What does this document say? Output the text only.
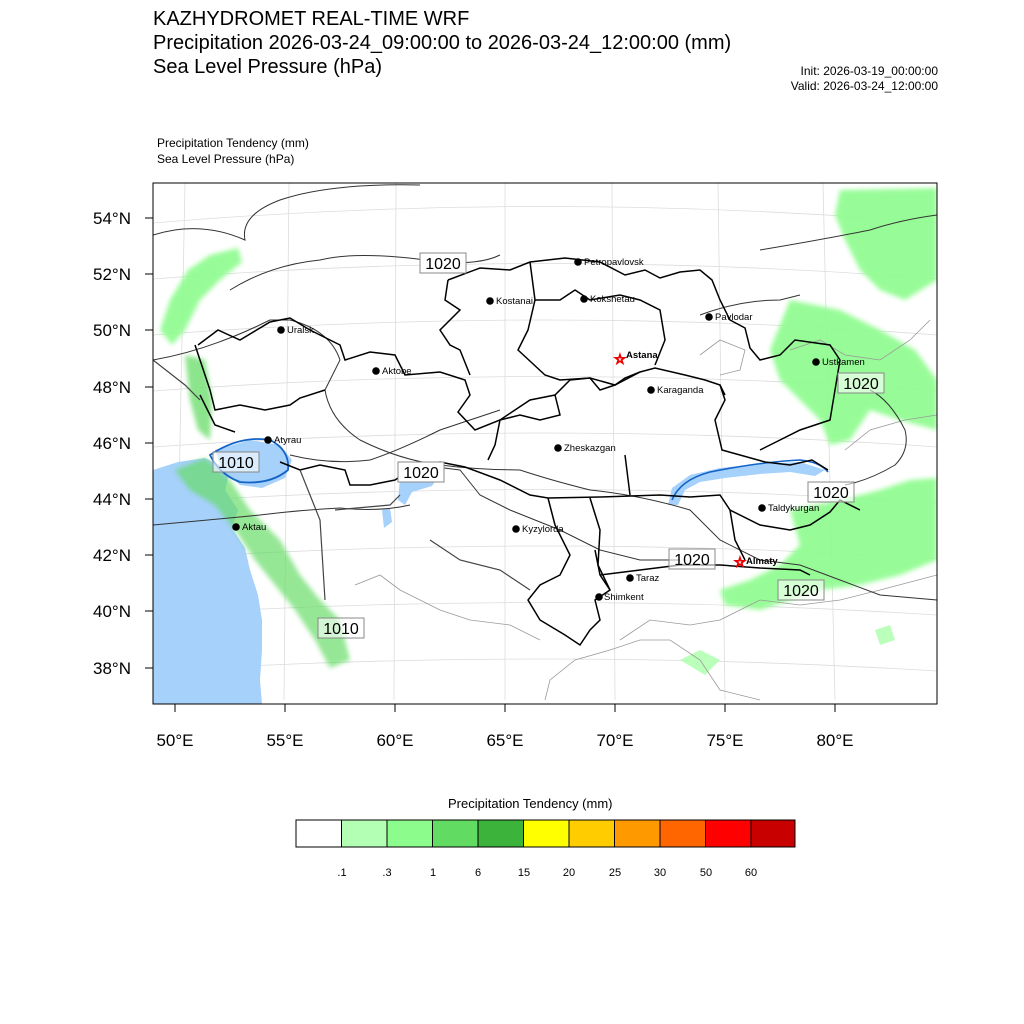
KAZHYDROMET REAL-TIME WRF
Precipitation 2026-03-24_09:00:00 to 2026-03-24_12:00:00 (mm)
Sea Level Pressure (hPa)	Init: 2026-03-19_00:00:00
Valid: 2026-03-24_12:00:00
Precipitation Tendency (mm)
Sea Level Pressure (hPa)
50°E	55°E	60°E	65°E	70°E	75°E	80°E
54°N
52°N
50°N
48°N
46°N
44°N
42°N
40°N
38°N
1020
1010
1020
1020
1020
1020
1010
1020
Petropavlovsk
Kostanai	Kokshetau
Pavlodar
Uralsk
Aktobe
☆ Astana
Karaganda
Ustkamen
Atyrau
Zheskazgan
Aktau	Kyzylorda
Taldykurgan
☆ Almaty
Taraz
Shimkent
Precipitation Tendency (mm)
.1	.3	1	6	15	20	25	30	50	60
